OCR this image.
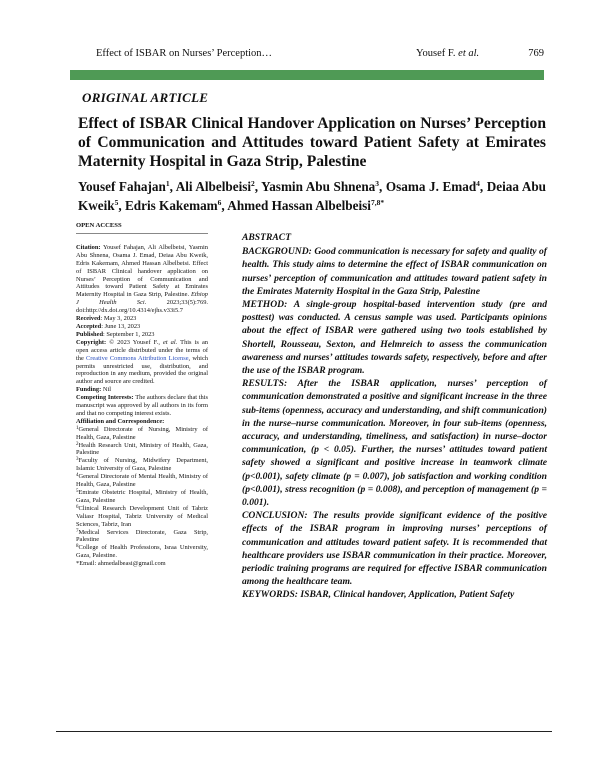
Effect of ISBAR on Nurses’ Perception…	Yousef F. et al.	769
ORIGINAL ARTICLE
Effect of ISBAR Clinical Handover Application on Nurses’ Perception of Communication and Attitudes toward Patient Safety at Emirates Maternity Hospital in Gaza Strip, Palestine

Yousef Fahajan$^1$, Ali Albelbeisi$^2$, Yasmin Abu Shnena$^3$, Osama J. Emad$^4$, Deiaa Abu Kweik$^5$, Edris Kakemam$^6$, Ahmed Hassan Albelbeisi$^{7,8*}$

OPEN ACCESS

Citation: Yousef Fahajan, Ali Albelbeisi, Yasmin Abu Shnena, Osama J. Emad, Deiaa Abu Kweik, Edris Kakemam, Ahmed Hassan Albelbeisi. Effect of ISBAR Clinical handover application on Nurses’ Perception of Communication and Attitudes toward Patient Safety at Emirates Maternity Hospital in Gaza Strip, Palestine. Ethiop J Health Sci.	2023;33(5):769. doi:http://dx.doi.org/10.4314/ejhs.v33i5.7

Received: May 3, 2023

Accepted: June 13, 2023

Published: September 1, 2023

Copyright: © 2023 Yousef F., et al. This is an open access article distributed under the terms of the Creative Commons Attribution License, which permits unrestricted use, distribution, and reproduction in any medium, provided the original author and source are credited.

Funding: Nil

Competing Interests: The authors declare that this manuscript was approved by all authors in its form and that no competing interest exists.

Affiliation and Correspondence:

$^1$General Directorate of Nursing, Ministry of Health, Gaza, Palestine

$^2$Health Research Unit, Ministry of Health, Gaza, Palestine

$^3$Faculty of Nursing, Midwifery Department, Islamic University of Gaza, Palestine

$^4$General Directorate of Mental Health, Ministry of Health, Gaza, Palestine

$^5$Emirate Obstetric Hospital, Ministry of Health, Gaza, Palestine

$^6$Clinical Research Development Unit of Tabriz Valiasr Hospital, Tabriz University of Medical Sciences, Tabriz, Iran

$^7$Medical Services Directorate, Gaza Strip, Palestine

$^8$College of Health Professions, Israa University, Gaza, Palestine.

*Email: ahmedalbeasi@gmail.com

ABSTRACT

BACKGROUND: Good communication is necessary for safety and quality of health. This study aims to determine the effect of ISBAR communication on nurses’ perception of communication and attitudes toward patient safety in the Emirates Maternity Hospital in the Gaza Strip, Palestine

METHOD: A single-group hospital-based intervention study (pre and posttest) was conducted. A census sample was used. Participants opinions about the effect of ISBAR were gathered using two tools established by Shortell, Rousseau, Sexton, and Helmreich to assess the communication awareness and nurses’ attitudes towards safety, respectively, before and after the use of the ISBAR program.

RESULTS: After the ISBAR application, nurses’ perception of communication demonstrated a positive and significant increase in the three sub-items (openness, accuracy and understanding, and shift communication) in the nurse–nurse communication. Moreover, in four sub-items (openness, accuracy, and understanding, timeliness, and satisfaction) in nurse–doctor communication, (p < 0.05). Further, the nurses’ attitudes toward patient safety showed a significant and positive increase in teamwork climate (p<0.001), safety climate (p = 0.007), job satisfaction and working condition (p<0.001), stress recognition (p = 0.008), and perception of management (p = 0.001).

CONCLUSION: The results provide significant evidence of the positive effects of the ISBAR program in improving nurses’ perceptions of communication and attitudes toward patient safety. It is recommended that healthcare providers use ISBAR communication in their practice. Moreover, periodic training programs are required for effective ISBAR communication among the healthcare team.

KEYWORDS: ISBAR, Clinical handover, Application, Patient Safety
